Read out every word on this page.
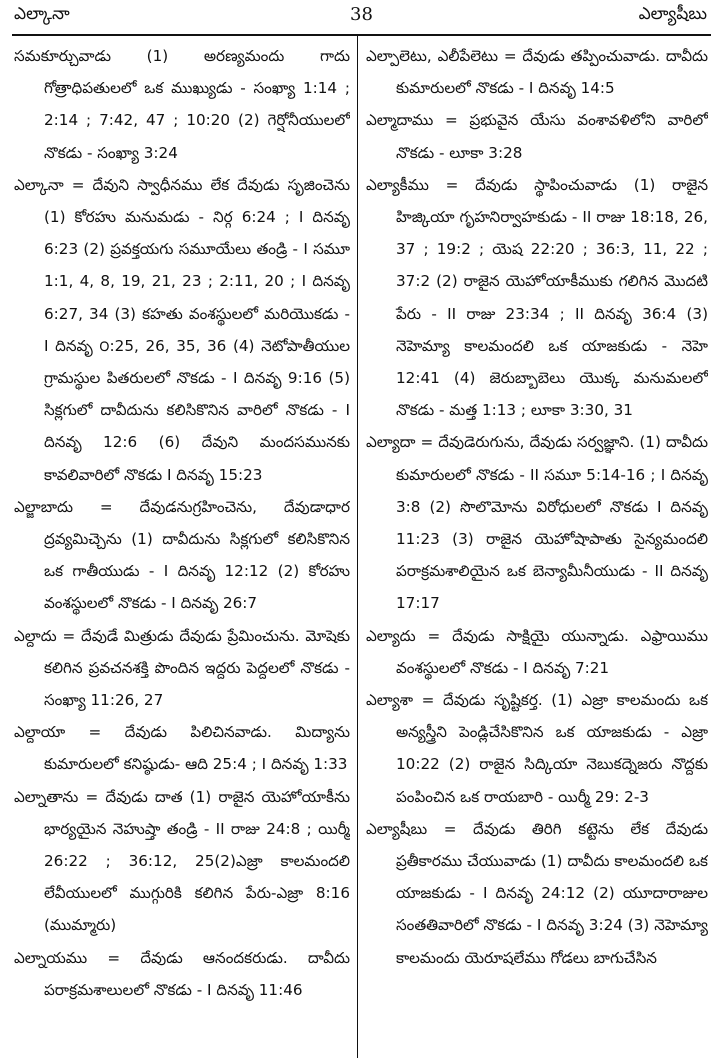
ఎల్కానా	38	ఎల్యాషీబు

సమకూర్చువాడు (1) అరణ్యమందు గాదు గోత్రాధిపతులలో ఒక ముఖ్యుడు - సంఖ్యా 1:14 ; 2:14 ; 7:42, 47 ; 10:20 (2) గెర్షోనీయులలో నొకడు - సంఖ్యా 3:24

ఎల్కానా = దేవుని స్వాధీనము లేక దేవుడు సృజించెను (1) కోరహు మనుమడు - నిర్గ 6:24 ; I దినవృ 6:23 (2) ప్రవక్తయగు సమూయేలు తండ్రి - I సమూ 1:1, 4, 8, 19, 21, 23 ; 2:11, 20 ; I దినవృ 6:27, 34 (3) కహతు వంశస్థులలో మరియొకడు - I దినవృ ౦:25, 26, 35, 36 (4) నెటోపాతీయుల గ్రామస్థుల పితరులలో నొకడు - I దినవృ 9:16 (5) సిక్లగులో దావీదును కలిసికొనిన వారిలో నొకడు - I దినవృ 12:6 (6) దేవుని మందసమునకు కావలివారిలో నొకడు I దినవృ 15:23

ఎల్జాబాదు = దేవుడనుగ్రహించెను, దేవుడాధార ద్రవ్యమిచ్చెను (1) దావీదును సిక్లగులో కలిసికొనిన ఒక గాతీయుడు - I దినవృ 12:12 (2) కోరహు వంశస్థులలో నొకడు - I దినవృ 26:7

ఎల్దాదు = దేవుడే మిత్రుడు దేవుడు ప్రేమించును. మోషెకు కలిగిన ప్రవచనశక్తి పొందిన ఇద్దరు పెద్దలలో నొకడు - సంఖ్యా 11:26, 27

ఎల్దాయా = దేవుడు పిలిచినవాడు. మిద్యాను కుమారులలో కనిష్ఠుడు- ఆది 25:4 ; I దినవృ 1:33

ఎల్నాతాను = దేవుడు దాత (1) రాజైన యెహోయాకీను భార్యయైన నెహుష్తా తండ్రి - II రాజు 24:8 ; యిర్మీ 26:22 ; 36:12, 25(2)ఎజ్రా కాలమందలి లేవీయులలో ముగ్గురికి కలిగిన పేరు-ఎజ్రా 8:16 (ముమ్మారు)

ఎల్నాయము = దేవుడు ఆనందకరుడు. దావీదు పరాక్రమశాలులలో నొకడు - I దినవృ 11:46

ఎల్పాలెటు, ఎలీపేలెటు = దేవుడు తప్పించువాడు. దావీదు కుమారులలో నొకడు - I దినవృ 14:5

ఎల్మాదాము = ప్రభువైన యేసు వంశావళిలోని వారిలో నొకడు - లూకా 3:28

ఎల్యాకీము = దేవుడు స్థాపించువాడు (1) రాజైన హిజ్కియా గృహనిర్వాహకుడు - II రాజు 18:18, 26, 37 ; 19:2 ; యెష 22:20 ; 36:3, 11, 22 ; 37:2 (2) రాజైన యెహోయాకీముకు గలిగిన మొదటి పేరు - II రాజు 23:34 ; II దినవృ 36:4 (3) నెహెమ్యా కాలమందలి ఒక యాజకుడు - నెహె 12:41 (4) జెరుబ్బాబెలు యొక్క మనుమలలో నొకడు - మత్త 1:13 ; లూకా 3:30, 31

ఎల్యాదా = దేవుడెరుగును, దేవుడు సర్వజ్ఞాని. (1) దావీదు కుమారులలో నొకడు - II సమూ 5:14-16 ; I దినవృ 3:8 (2) సొలొమోను విరోధులలో నొకడు I దినవృ 11:23 (3) రాజైన యెహోషాపాతు సైన్యమందలి పరాక్రమశాలియైన ఒక బెన్యామీనీయుడు - II దినవృ 17:17

ఎల్యాదు = దేవుడు సాక్షియై యున్నాడు. ఎఫ్రాయిము వంశస్థులలో నొకడు - I దినవృ 7:21

ఎల్యాశా = దేవుడు సృష్టికర్త. (1) ఎజ్రా కాలమందు ఒక అన్యస్త్రీని పెండ్లిచేసికొనిన ఒక యాజకుడు - ఎజ్రా 10:22 (2) రాజైన సిద్కియా నెబుకద్నెజరు నొద్దకు పంపించిన ఒక రాయబారి - యిర్మీ 29: 2-3

ఎల్యాషీబు = దేవుడు తిరిగి కట్టెను లేక దేవుడు ప్రతీకారము చేయువాడు (1) దావీదు కాలమందలి ఒక యాజకుడు - I దినవృ 24:12 (2) యూదారాజుల సంతతివారిలో నొకడు - I దినవృ 3:24 (3) నెహెమ్యా కాలమందు యెరూషలేము గోడలు బాగుచేసిన
